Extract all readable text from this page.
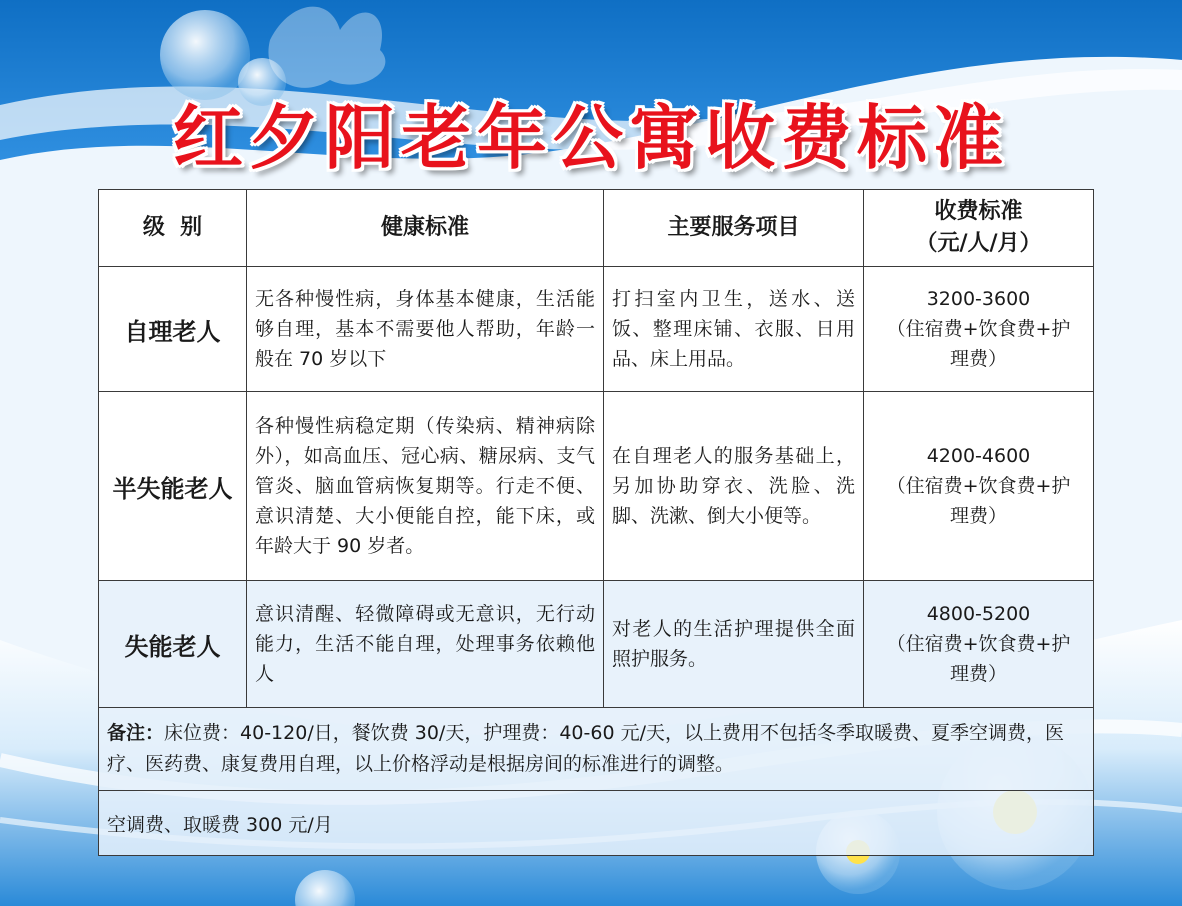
红夕阳老年公寓收费标准
级  别	健康标准	主要服务项目	收费标准
（元/人/月）

自理老人	无各种慢性病，身体基本健康，生活能够自理，基本不需要他人帮助，年龄一般在 70 岁以下	打扫室内卫生，送水、送饭、整理床铺、衣服、日用品、床上用品。	3200-3600
（住宿费+饮食费+护理费）

半失能老人	各种慢性病稳定期（传染病、精神病除外），如高血压、冠心病、糖尿病、支气管炎、脑血管病恢复期等。行走不便、意识清楚、大小便能自控，能下床，或年龄大于 90 岁者。	在自理老人的服务基础上，另加协助穿衣、洗脸、洗脚、洗漱、倒大小便等。	4200-4600
（住宿费+饮食费+护理费）

失能老人	意识清醒、轻微障碍或无意识，无行动能力，生活不能自理，处理事务依赖他人	对老人的生活护理提供全面照护服务。	4800-5200
（住宿费+饮食费+护理费）

备注：床位费：40-120/日，餐饮费 30/天，护理费：40-60 元/天，以上费用不包括冬季取暖费、夏季空调费，医疗、医药费、康复费用自理，以上价格浮动是根据房间的标准进行的调整。			
空调费、取暖费 300 元/月			
